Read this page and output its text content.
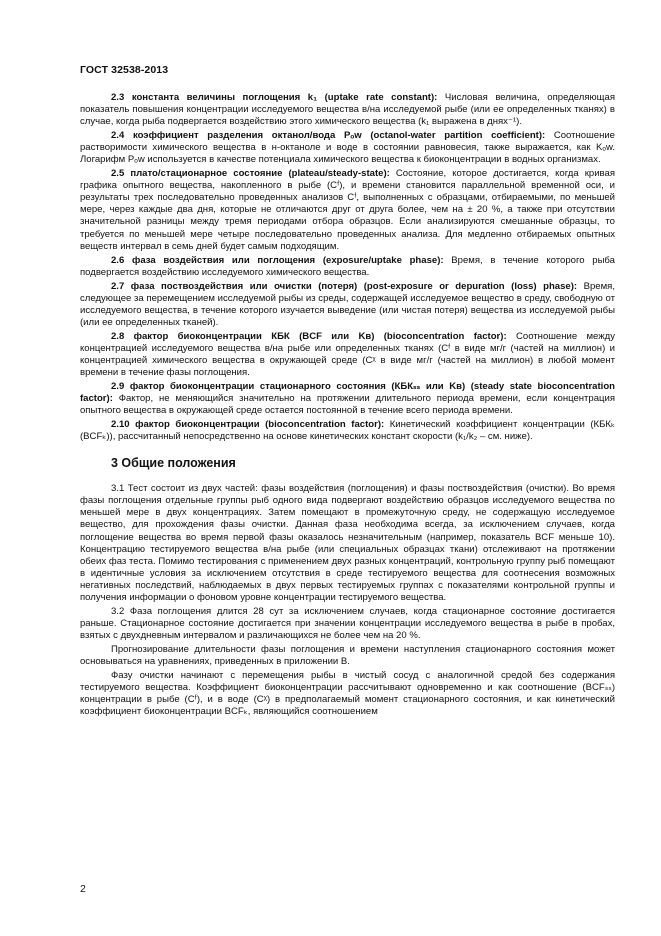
ГОСТ 32538-2013

2.3 константа величины поглощения k₁ (uptake rate constant): Числовая величина, определяющая показатель повышения концентрации исследуемого вещества в/на исследуемой рыбе (или ее определенных тканях) в случае, когда рыба подвергается воздействию этого химического вещества (k₁ выражена в днях⁻¹).

2.4 коэффициент разделения октанол/вода Pₒw (octanol-water partition coefficient): Соотношение растворимости химического вещества в н-октаноле и воде в состоянии равновесия, также выражается, как Kₒw. Логарифм Pₒw используется в качестве потенциала химического вещества к биоконцентрации в водных организмах.

2.5 плато/стационарное состояние (plateau/steady-state): Состояние, которое достигается, когда кривая графика опытного вещества, накопленного в рыбе (Cᶠ), и времени становится параллельной временной оси, и результаты трех последовательно проведенных анализов Cᶠ, выполненных с образцами, отбираемыми, по меньшей мере, через каждые два дня, которые не отличаются друг от друга более, чем на ± 20 %, а также при отсутствии значительной разницы между тремя периодами отбора образцов. Если анализируются смешанные образцы, то требуется по меньшей мере четыре последовательно проведенных анализа. Для медленно отбираемых опытных веществ интервал в семь дней будет самым подходящим.

2.6 фаза воздействия или поглощения (exposure/uptake phase): Время, в течение которого рыба подвергается воздействию исследуемого химического вещества.

2.7 фаза поствоздействия или очистки (потеря) (post-exposure or depuration (loss) phase): Время, следующее за перемещением исследуемой рыбы из среды, содержащей исследуемое вещество в среду, свободную от исследуемого вещества, в течение которого изучается выведение (или чистая потеря) вещества из исследуемой рыбы (или ее определенных тканей).

2.8 фактор биоконцентрации КБК (BCF или Kʙ) (bioconcentration factor): Соотношение между концентрацией исследуемого вещества в/на рыбе или определенных тканях (Cᶠ в виде мг/г (частей на миллион) и концентрацией химического вещества в окружающей среде (Cᵡ в виде мг/г (частей на миллион) в любой момент времени в течение фазы поглощения.

2.9 фактор биоконцентрации стационарного состояния (КБКₛₛ или Kʙ) (steady state bioconcentration factor): Фактор, не меняющийся значительно на протяжении длительного периода времени, если концентрация опытного вещества в окружающей среде остается постоянной в течение всего периода времени.

2.10 фактор биоконцентрации (bioconcentration factor): Кинетический коэффициент концентрации (КБКₖ (BCFₖ)), рассчитанный непосредственно на основе кинетических констант скорости (k₁/k₂ – см. ниже).

3 Общие положения

3.1 Тест состоит из двух частей: фазы воздействия (поглощения) и фазы поствоздействия (очистки). Во время фазы поглощения отдельные группы рыб одного вида подвергают воздействию образцов исследуемого вещества по меньшей мере в двух концентрациях. Затем помещают в промежуточную среду, не содержащую исследуемое вещество, для прохождения фазы очистки. Данная фаза необходима всегда, за исключением случаев, когда поглощение вещества во время первой фазы оказалось незначительным (например, показатель BCF меньше 10). Концентрацию тестируемого вещества в/на рыбе (или специальных образцах ткани) отслеживают на протяжении обеих фаз теста. Помимо тестирования с применением двух разных концентраций, контрольную группу рыб помещают в идентичные условия за исключением отсутствия в среде тестируемого вещества для соотнесения возможных негативных последствий, наблюдаемых в двух первых тестируемых группах с показателями контрольной группы и получения информации о фоновом уровне концентрации тестируемого вещества.

3.2 Фаза поглощения длится 28 сут за исключением случаев, когда стационарное состояние достигается раньше. Стационарное состояние достигается при значении концентрации исследуемого вещества в рыбе в пробах, взятых с двухдневным интервалом и различающихся не более чем на 20 %.

Прогнозирование длительности фазы поглощения и времени наступления стационарного состояния может основываться на уравнениях, приведенных в приложении В.

Фазу очистки начинают с перемещения рыбы в чистый сосуд с аналогичной средой без содержания тестируемого вещества. Коэффициент биоконцентрации рассчитывают одновременно и как соотношение (BCFₛₛ) концентрации в рыбе (Cᶠ), и в воде (Cᵡ) в предполагаемый момент стационарного состояния, и как кинетический коэффициент биоконцентрации BCFₖ, являющийся соотношением

2
